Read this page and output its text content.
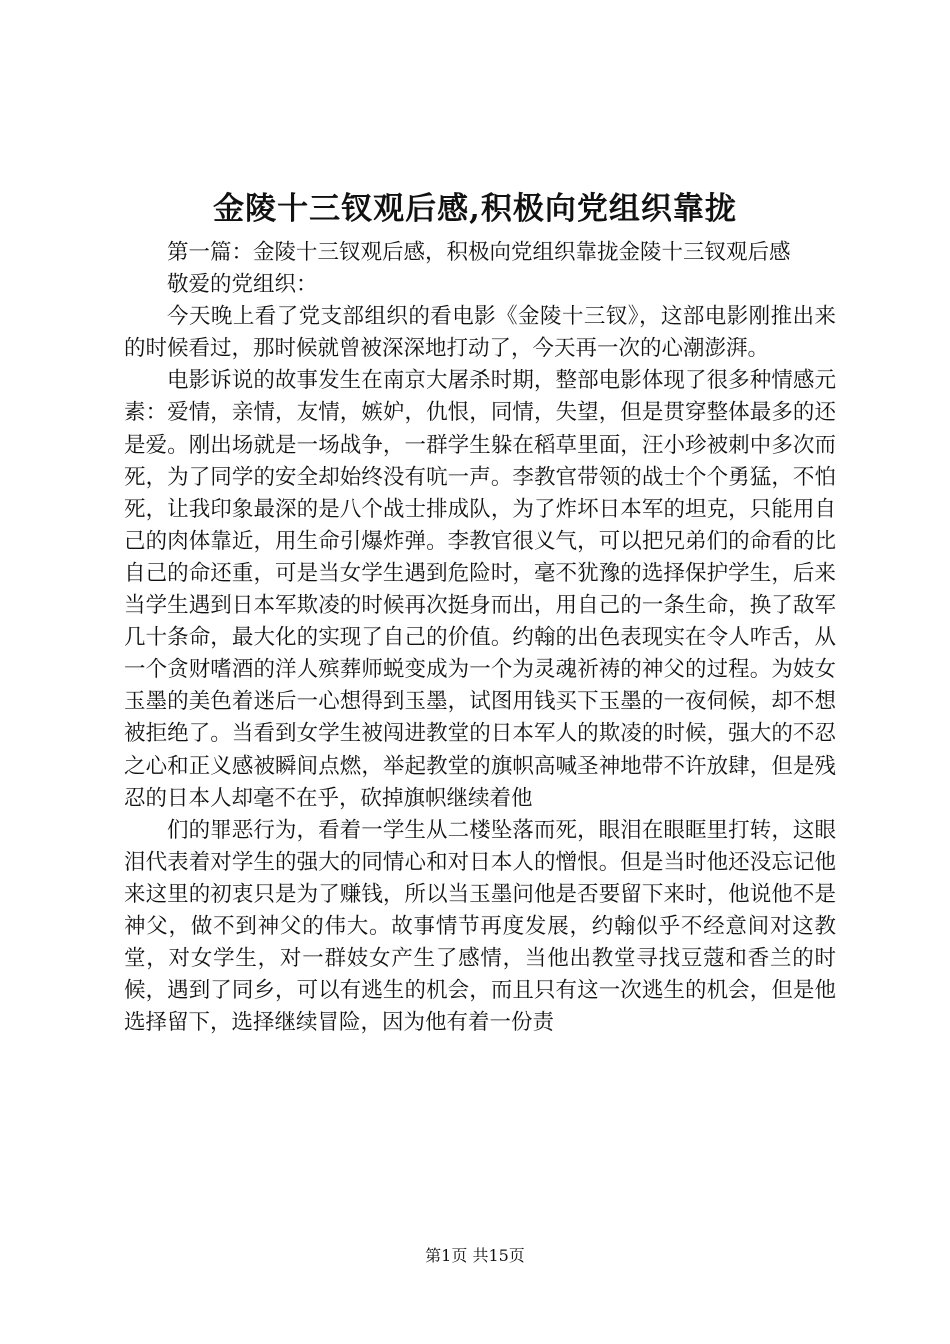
金陵十三钗观后感,积极向党组织靠拢

第一篇：金陵十三钗观后感，积极向党组织靠拢金陵十三钗观后感

敬爱的党组织：

今天晚上看了党支部组织的看电影《金陵十三钗》，这部电影刚推出来的时候看过，那时候就曾被深深地打动了，今天再一次的心潮澎湃。

电影诉说的故事发生在南京大屠杀时期，整部电影体现了很多种情感元素：爱情，亲情，友情，嫉妒，仇恨，同情，失望，但是贯穿整体最多的还是爱。刚出场就是一场战争，一群学生躲在稻草里面，汪小珍被刺中多次而死，为了同学的安全却始终没有吭一声。李教官带领的战士个个勇猛，不怕死，让我印象最深的是八个战士排成队，为了炸坏日本军的坦克，只能用自己的肉体靠近，用生命引爆炸弹。李教官很义气，可以把兄弟们的命看的比自己的命还重，可是当女学生遇到危险时，毫不犹豫的选择保护学生，后来当学生遇到日本军欺凌的时候再次挺身而出，用自己的一条生命，换了敌军几十条命，最大化的实现了自己的价值。约翰的出色表现实在令人咋舌，从一个贪财嗜酒的洋人殡葬师蜕变成为一个为灵魂祈祷的神父的过程。为妓女玉墨的美色着迷后一心想得到玉墨，试图用钱买下玉墨的一夜伺候，却不想被拒绝了。当看到女学生被闯进教堂的日本军人的欺凌的时候，强大的不忍之心和正义感被瞬间点燃，举起教堂的旗帜高喊圣神地带不许放肆，但是残忍的日本人却毫不在乎，砍掉旗帜继续着他

们的罪恶行为，看着一学生从二楼坠落而死，眼泪在眼眶里打转，这眼泪代表着对学生的强大的同情心和对日本人的憎恨。但是当时他还没忘记他来这里的初衷只是为了赚钱，所以当玉墨问他是否要留下来时，他说他不是神父，做不到神父的伟大。故事情节再度发展，约翰似乎不经意间对这教堂，对女学生，对一群妓女产生了感情，当他出教堂寻找豆蔻和香兰的时候，遇到了同乡，可以有逃生的机会，而且只有这一次逃生的机会，但是他选择留下，选择继续冒险，因为他有着一份责

第1页 共15页
